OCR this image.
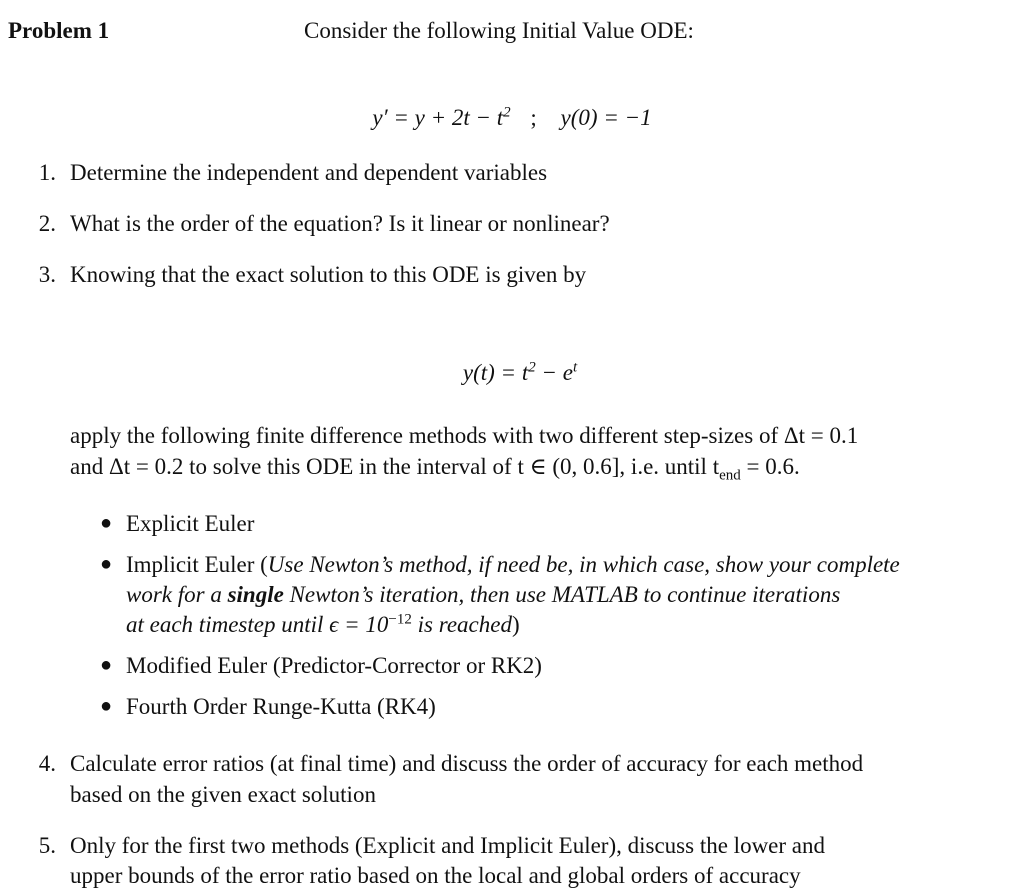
Problem 1	Consider the following Initial Value ODE:
$y' = y + 2t - t^2$ ; y(0) = −1
1. Determine the independent and dependent variables
2. What is the order of the equation? Is it linear or nonlinear?
3. Knowing that the exact solution to this ODE is given by
$y(t) = t^2 - e^t$
apply the following finite difference methods with two different step-sizes of Δt = 0.1
and Δt = 0.2 to solve this ODE in the interval of t ∈ (0, 0.6], i.e. until $t_{end} = 0.6$.
● Explicit Euler
● Implicit Euler (Use Newton’s method, if need be, in which case, show your complete
work for a single Newton’s iteration, then use MATLAB to continue iterations
at each timestep until $\epsilon = 10^{-12}$ is reached)
● Modified Euler (Predictor-Corrector or RK2)
● Fourth Order Runge-Kutta (RK4)
4. Calculate error ratios (at final time) and discuss the order of accuracy for each method
based on the given exact solution
5. Only for the first two methods (Explicit and Implicit Euler), discuss the lower and
upper bounds of the error ratio based on the local and global orders of accuracy
